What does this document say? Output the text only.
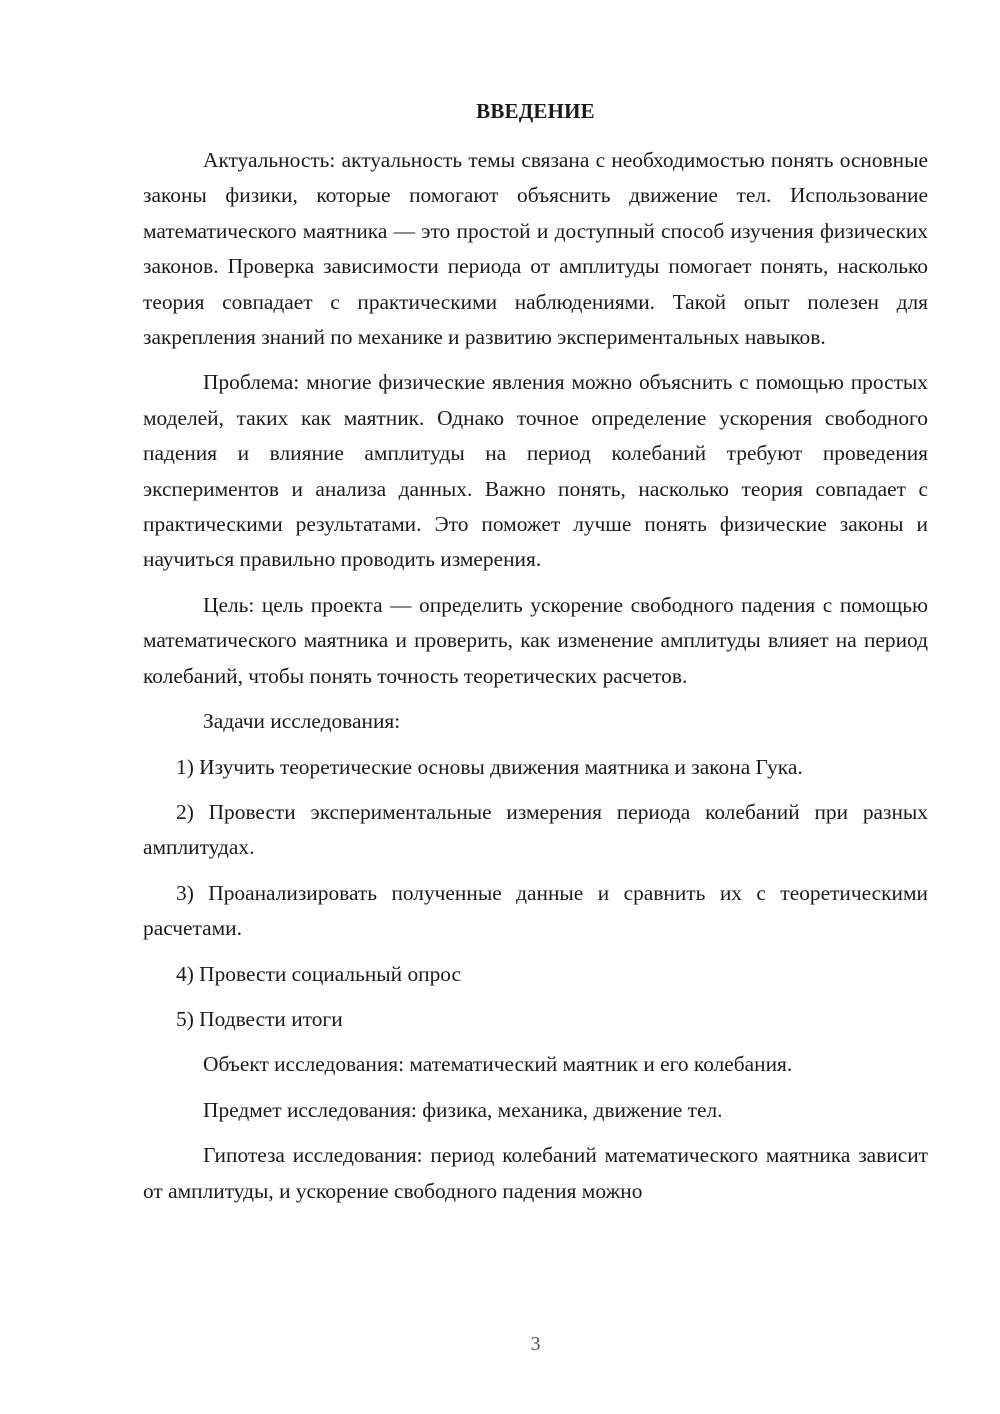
ВВЕДЕНИЕ

Актуальность: актуальность темы связана с необходимостью понять основные законы физики, которые помогают объяснить движение тел. Использование математического маятника — это простой и доступный способ изучения физических законов. Проверка зависимости периода от амплитуды помогает понять, насколько теория совпадает с практическими наблюдениями. Такой опыт полезен для закрепления знаний по механике и развитию экспериментальных навыков.

Проблема: многие физические явления можно объяснить с помощью простых моделей, таких как маятник. Однако точное определение ускорения свободного падения и влияние амплитуды на период колебаний требуют проведения экспериментов и анализа данных. Важно понять, насколько теория совпадает с практическими результатами. Это поможет лучше понять физические законы и научиться правильно проводить измерения.

Цель: цель проекта — определить ускорение свободного падения с помощью математического маятника и проверить, как изменение амплитуды влияет на период колебаний, чтобы понять точность теоретических расчетов.

Задачи исследования:

1) Изучить теоретические основы движения маятника и закона Гука.

2) Провести экспериментальные измерения периода колебаний при разных амплитудах.

3) Проанализировать полученные данные и сравнить их с теоретическими расчетами.

4) Провести социальный опрос

5) Подвести итоги

Объект исследования: математический маятник и его колебания.

Предмет исследования: физика, механика, движение тел.

Гипотеза исследования: период колебаний математического маятника зависит от амплитуды, и ускорение свободного падения можно

3
